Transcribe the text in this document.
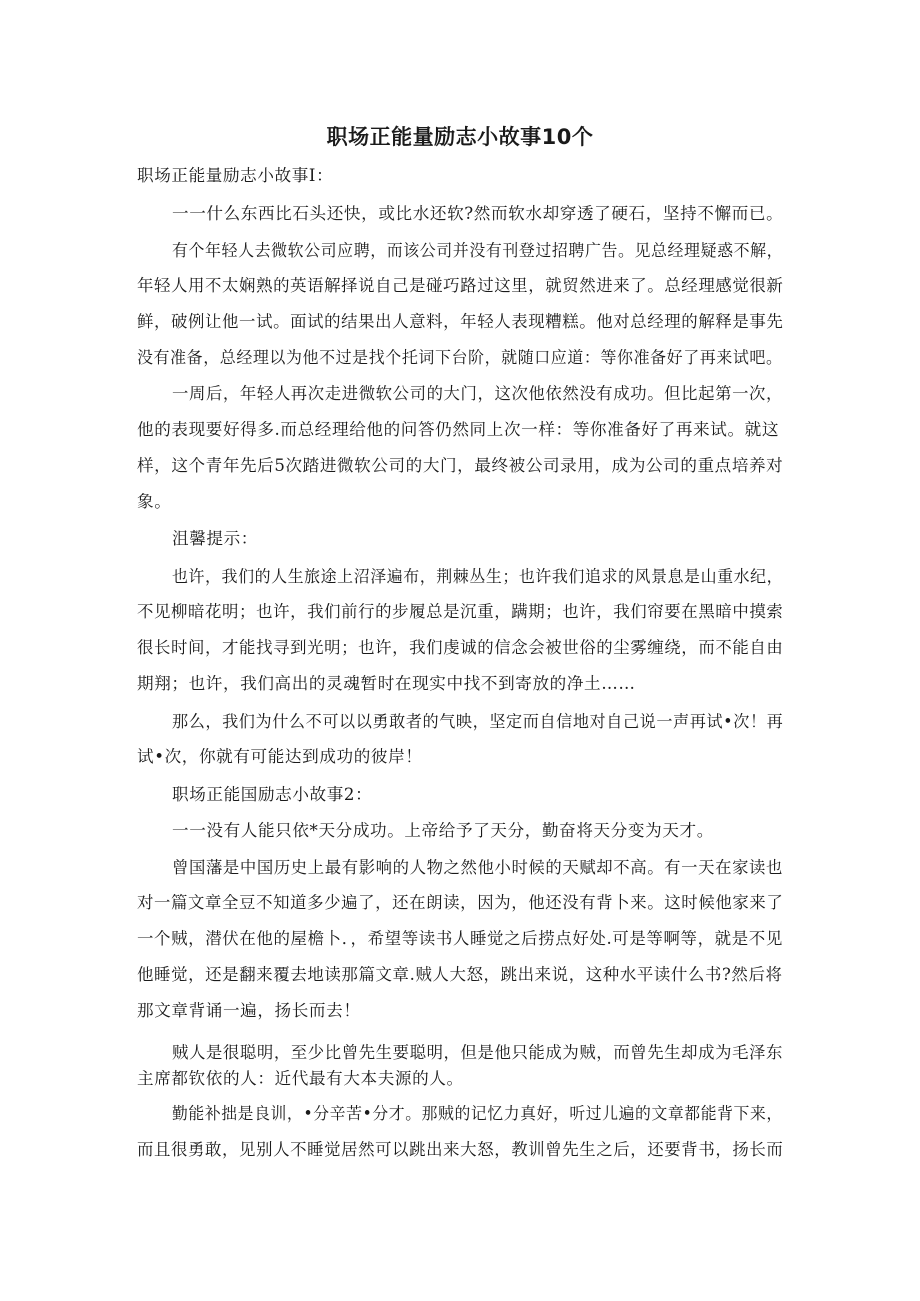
职场正能量励志小故事10个
职场正能量励志小故事I：
一一什么东西比石头还快，或比水还软?然而软水却穿透了硬石，坚持不懈而已。
有个年轻人去微软公司应聘，而该公司并没有刊登过招聘广告。见总经理疑惑不解，
年轻人用不太娴熟的英语解择说自己是碰巧路过这里，就贸然进来了。总经理感觉很新
鲜，破例让他一试。面试的结果出人意料，年轻人表现糟糕。他对总经理的解释是事先
没有准备，总经理以为他不过是找个托词下台阶，就随口应道：等你准备好了再来试吧。
一周后，年轻人再次走进微软公司的大门，这次他依然没有成功。但比起第一次，
他的表现要好得多.而总经理给他的问答仍然同上次一样：等你准备好了再来试。就这
样，这个青年先后5次踏进微软公司的大门，最终被公司录用，成为公司的重点培养对
象。
沮馨提示：
也许，我们的人生旅途上沼泽遍布，荆棘丛生；也许我们追求的风景息是山重水纪，
不见柳暗花明；也许，我们前行的步履总是沉重，蹒期；也许，我们帘要在黑暗中摸索
很长时间，才能找寻到光明；也许，我们虔诚的信念会被世俗的尘雾缠绕，而不能自由
期翔；也许，我们高出的灵魂暂时在现实中找不到寄放的净土……
那么，我们为什么不可以以勇敢者的气映，坚定而自信地对自己说一声再试•次！再
试•次，你就有可能达到成功的彼岸！
职场正能国励志小故事2：
一一没有人能只依*天分成功。上帝给予了天分，勤奋将天分变为天才。
曾国藩是中国历史上最有影响的人物之然他小时候的天赋却不高。有一天在家读也
对一篇文章全豆不知道多少遍了，还在朗读，因为，他还没有背卜来。这时候他家来了
一个贼，潜伏在他的屋檐卜．，希望等读书人睡觉之后捞点好处.可是等啊等，就是不见
他睡觉，还是翻来覆去地读那篇文章.贼人大怒，跳出来说，这种水平读什么书?然后将
那文章背诵一遍，扬长而去！
贼人是很聪明，至少比曾先生要聪明，但是他只能成为贼，而曾先生却成为毛泽东
主席都钦依的人：近代最有大本夫源的人。
勤能补拙是良训，•分辛苦•分才。那贼的记忆力真好，听过儿遍的文章都能背下来，
而且很勇敢，见别人不睡觉居然可以跳出来大怒，教训曾先生之后，还要背书，扬长而
